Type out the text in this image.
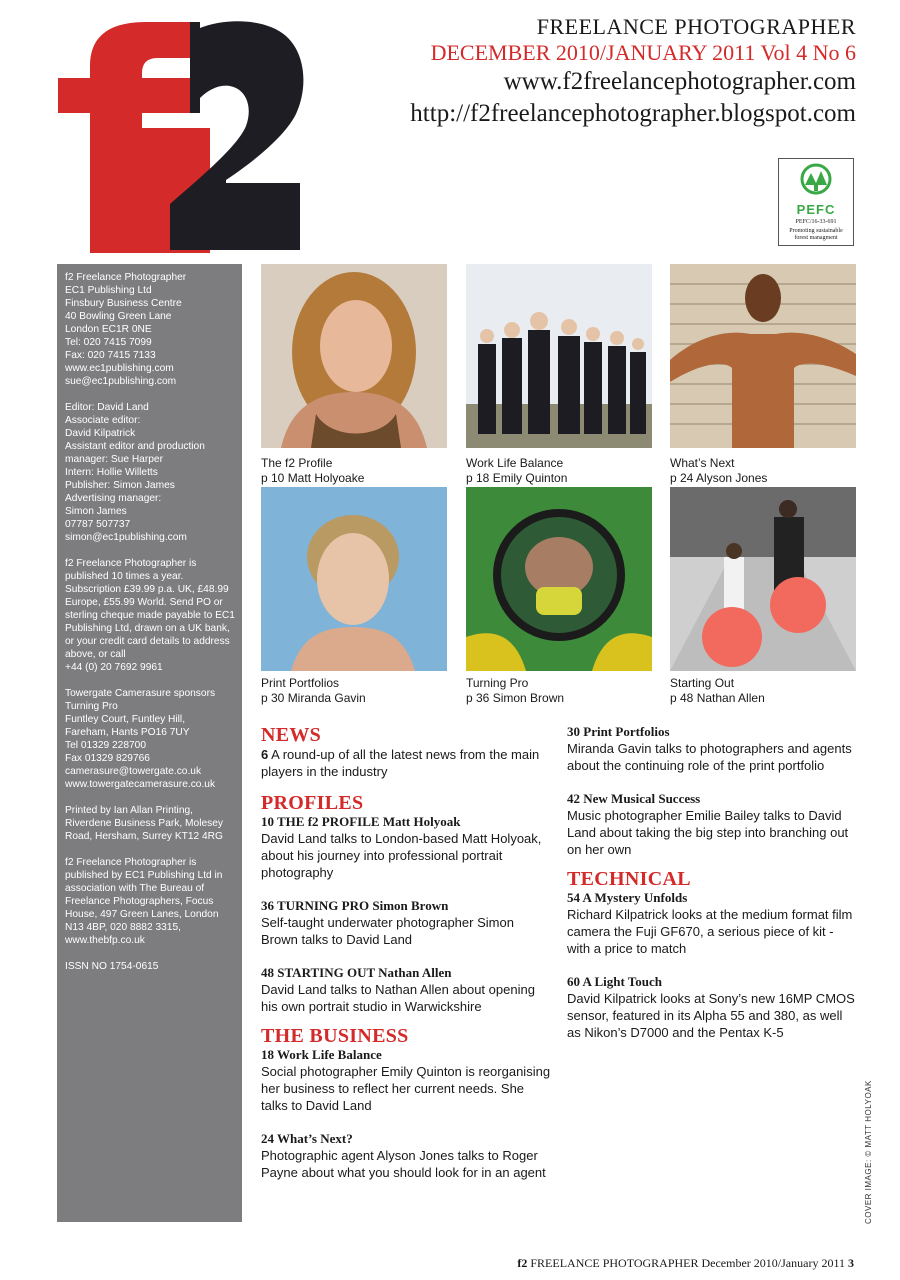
FREELANCE PHOTOGRAPHER
DECEMBER 2010/JANUARY 2011 Vol 4 No 6
www.f2freelancephotographer.com
http://f2freelancephotographer.blogspot.com
PEFC
PEFC/16-33-691
Promoting sustainable
forest managment
f2 Freelance Photographer
EC1 Publishing Ltd
Finsbury Business Centre
40 Bowling Green Lane
London EC1R 0NE
Tel: 020 7415 7099
Fax: 020 7415 7133
www.ec1publishing.com
sue@ec1publishing.com
Editor: David Land
Associate editor:
David Kilpatrick
Assistant editor and production manager: Sue Harper
Intern: Hollie Willetts
Publisher: Simon James
Advertising manager:
Simon James
07787 507737
simon@ec1publishing.com
f2 Freelance Photographer is published 10 times a year. Subscription £39.99 p.a. UK, £48.99 Europe, £55.99 World. Send PO or sterling cheque made payable to EC1 Publishing Ltd, drawn on a UK bank, or your credit card details to address above, or call
+44 (0) 20 7692 9961
Towergate Camerasure sponsors Turning Pro
Funtley Court, Funtley Hill,
Fareham, Hants PO16 7UY
Tel 01329 228700
Fax 01329 829766
camerasure@towergate.co.uk
www.towergatecamerasure.co.uk
Printed by Ian Allan Printing, Riverdene Business Park, Molesey Road, Hersham, Surrey KT12 4RG
f2 Freelance Photographer is published by EC1 Publishing Ltd in association with The Bureau of Freelance Photographers, Focus House, 497 Green Lanes, London N13 4BP, 020 8882 3315, www.thebfp.co.uk
ISSN NO 1754-0615
The f2 Profile
p 10 Matt Holyoake
Work Life Balance
p 18 Emily Quinton
What’s Next
p 24 Alyson Jones
Print Portfolios
p 30 Miranda Gavin
Turning Pro
p 36 Simon Brown
Starting Out
p 48 Nathan Allen
NEWS
6 A round-up of all the latest news from the main players in the industry
PROFILES
10 THE f2 PROFILE Matt Holyoak
David Land talks to London-based Matt Holyoak, about his journey into professional portrait photography
36 TURNING PRO Simon Brown
Self-taught underwater photographer Simon Brown talks to David Land
48 STARTING OUT Nathan Allen
David Land talks to Nathan Allen about opening his own portrait studio in Warwickshire
THE BUSINESS
18 Work Life Balance
Social photographer Emily Quinton is reorganising her business to reflect her current needs. She talks to David Land
24 What’s Next?
Photographic agent Alyson Jones talks to Roger Payne about what you should look for in an agent
30 Print Portfolios
Miranda Gavin talks to photographers and agents about the continuing role of the print portfolio
42 New Musical Success
Music photographer Emilie Bailey talks to David Land about taking the big step into branching out on her own
TECHNICAL
54 A Mystery Unfolds
Richard Kilpatrick looks at the medium format film camera the Fuji GF670, a serious piece of kit - with a price to match
60 A Light Touch
David Kilpatrick looks at Sony’s new 16MP CMOS sensor, featured in its Alpha 55 and 380, as well as Nikon’s D7000 and the Pentax K-5
COVER IMAGE: © MATT HOLYOAK
f2 FREELANCE PHOTOGRAPHER December 2010/January 2011 3
